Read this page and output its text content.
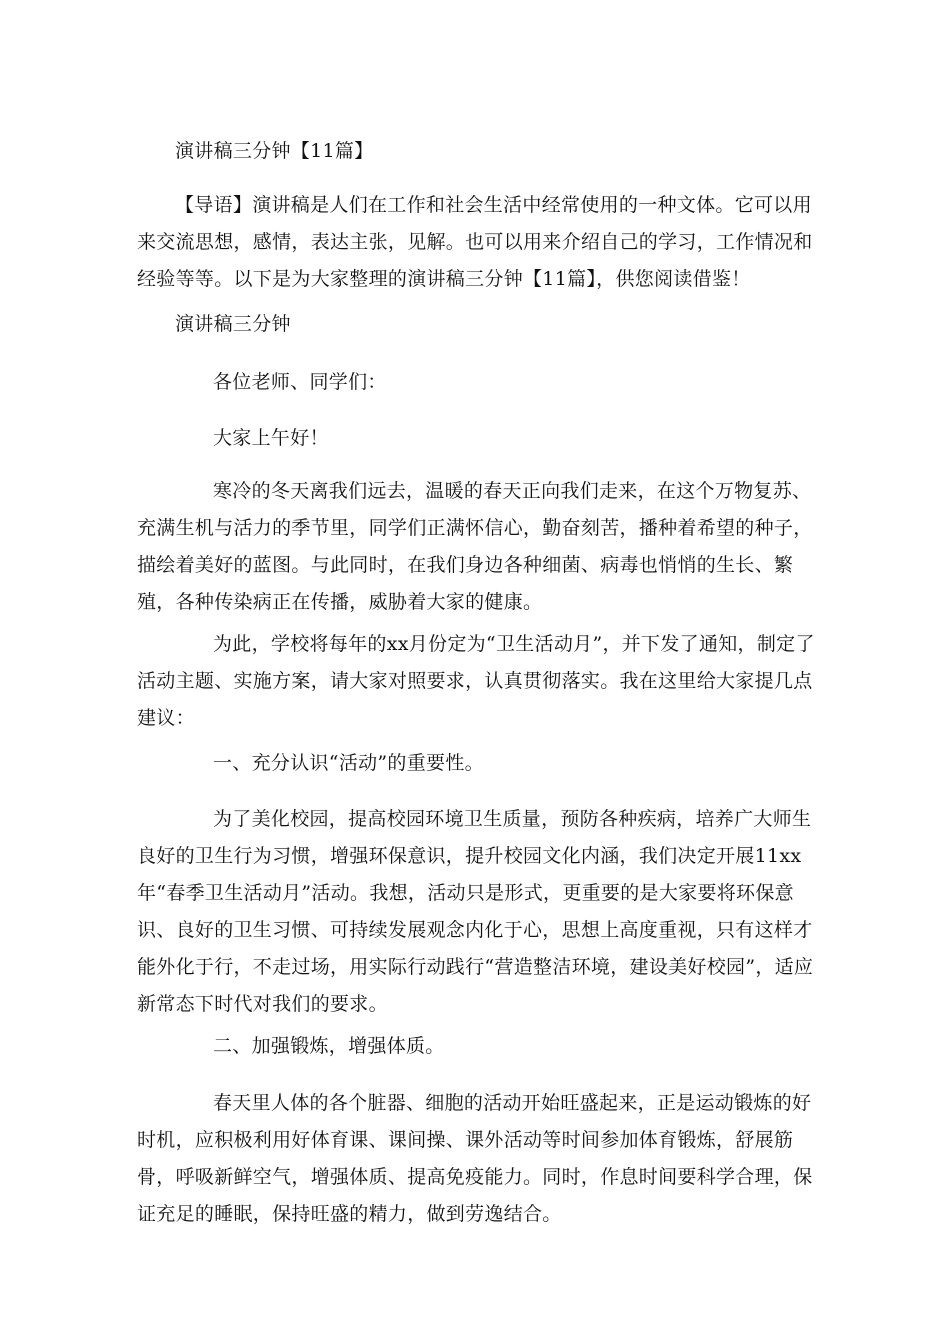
演讲稿三分钟【11篇】

【导语】演讲稿是人们在工作和社会生活中经常使用的一种文体。它可以用来交流思想，感情，表达主张，见解。也可以用来介绍自己的学习，工作情况和经验等等。以下是为大家整理的演讲稿三分钟【11篇】，供您阅读借鉴！

演讲稿三分钟

各位老师、同学们：

大家上午好！

寒冷的冬天离我们远去，温暖的春天正向我们走来，在这个万物复苏、充满生机与活力的季节里，同学们正满怀信心，勤奋刻苦，播种着希望的种子，描绘着美好的蓝图。与此同时，在我们身边各种细菌、病毒也悄悄的生长、繁殖，各种传染病正在传播，威胁着大家的健康。

为此，学校将每年的xx月份定为“卫生活动月”，并下发了通知，制定了活动主题、实施方案，请大家对照要求，认真贯彻落实。我在这里给大家提几点建议：

一、充分认识“活动”的重要性。

为了美化校园，提高校园环境卫生质量，预防各种疾病，培养广大师生良好的卫生行为习惯，增强环保意识，提升校园文化内涵，我们决定开展11xx年“春季卫生活动月”活动。我想，活动只是形式，更重要的是大家要将环保意识、良好的卫生习惯、可持续发展观念内化于心，思想上高度重视，只有这样才能外化于行，不走过场，用实际行动践行“营造整洁环境，建设美好校园”，适应新常态下时代对我们的要求。

二、加强锻炼，增强体质。

春天里人体的各个脏器、细胞的活动开始旺盛起来，正是运动锻炼的好时机，应积极利用好体育课、课间操、课外活动等时间参加体育锻炼，舒展筋骨，呼吸新鲜空气，增强体质、提高免疫能力。同时，作息时间要科学合理，保证充足的睡眠，保持旺盛的精力，做到劳逸结合。
